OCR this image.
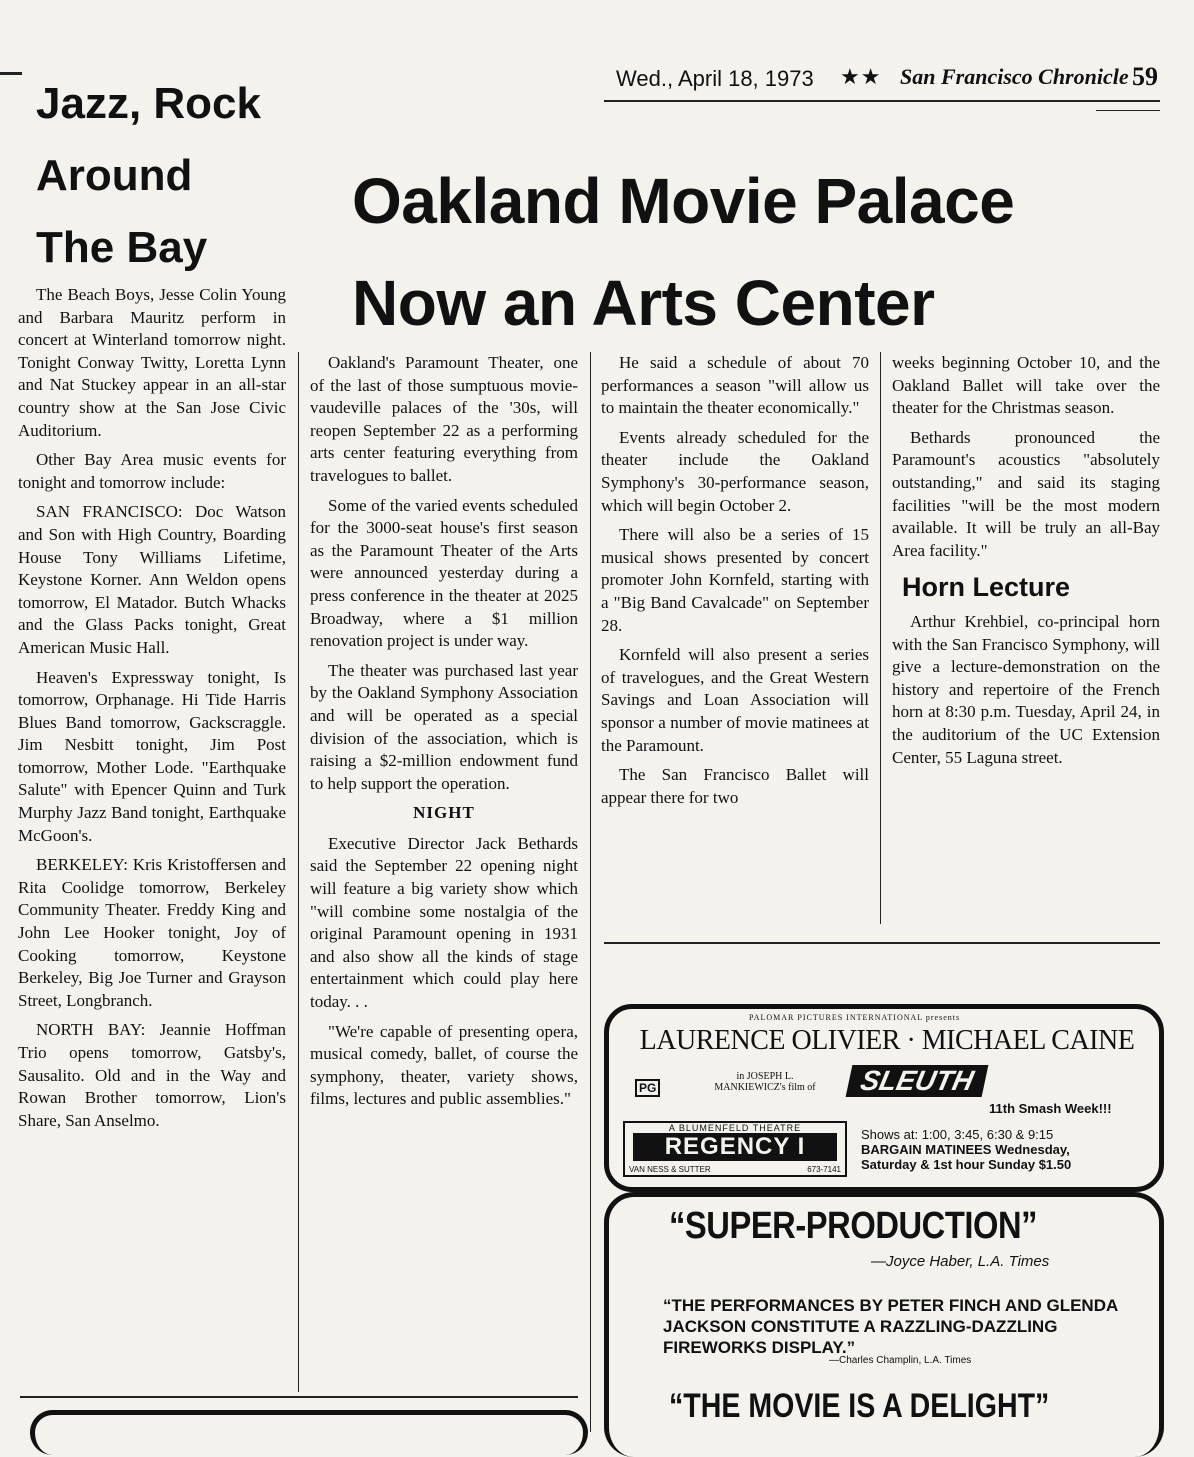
Wed., April 18, 1973 ★★ San Francisco Chronicle 59
Jazz, Rock
Around
The Bay
Oakland Movie Palace
Now an Arts Center

The Beach Boys, Jesse Colin Young and Barbara Mauritz perform in concert at Winterland tomorrow night. Tonight Conway Twitty, Loretta Lynn and Nat Stuckey appear in an all-star country show at the San Jose Civic Auditorium.

Other Bay Area music events for tonight and tomorrow include:

SAN FRANCISCO: Doc Watson and Son with High Country, Boarding House Tony Williams Lifetime, Keystone Korner. Ann Weldon opens tomorrow, El Matador. Butch Whacks and the Glass Packs tonight, Great American Music Hall.

Heaven's Expressway tonight, Is tomorrow, Orphanage. Hi Tide Harris Blues Band tomorrow, Gackscraggle. Jim Nesbitt tonight, Jim Post tomorrow, Mother Lode. "Earthquake Salute" with Epencer Quinn and Turk Murphy Jazz Band tonight, Earthquake McGoon's.

BERKELEY: Kris Kristoffersen and Rita Coolidge tomorrow, Berkeley Community Theater. Freddy King and John Lee Hooker tonight, Joy of Cooking tomorrow, Keystone Berkeley, Big Joe Turner and Grayson Street, Longbranch.

NORTH BAY: Jeannie Hoffman Trio opens tomorrow, Gatsby's, Sausalito. Old and in the Way and Rowan Brother tomorrow, Lion's Share, San Anselmo.

Oakland's Paramount Theater, one of the last of those sumptuous movie-vaudeville palaces of the '30s, will reopen September 22 as a performing arts center featuring everything from travelogues to ballet.

Some of the varied events scheduled for the 3000-seat house's first season as the Paramount Theater of the Arts were announced yesterday during a press conference in the theater at 2025 Broadway, where a $1 million renovation project is under way.

The theater was purchased last year by the Oakland Symphony Association and will be operated as a special division of the association, which is raising a $2-million endowment fund to help support the operation.

NIGHT

Executive Director Jack Bethards said the September 22 opening night will feature a big variety show which "will combine some nostalgia of the original Paramount opening in 1931 and also show all the kinds of stage entertainment which could play here today. . .

"We're capable of presenting opera, musical comedy, ballet, of course the symphony, theater, variety shows, films, lectures and public assemblies."

He said a schedule of about 70 performances a season "will allow us to maintain the theater economically."

Events already scheduled for the theater include the Oakland Symphony's 30-performance season, which will begin October 2.

There will also be a series of 15 musical shows presented by concert promoter John Kornfeld, starting with a "Big Band Cavalcade" on September 28.

Kornfeld will also present a series of travelogues, and the Great Western Savings and Loan Association will sponsor a number of movie matinees at the Paramount.

The San Francisco Ballet will appear there for two

weeks beginning October 10, and the Oakland Ballet will take over the theater for the Christmas season.

Bethards pronounced the Paramount's acoustics "absolutely outstanding," and said its staging facilities "will be the most modern available. It will be truly an all-Bay Area facility."

Horn Lecture

Arthur Krehbiel, co-principal horn with the San Francisco Symphony, will give a lecture-demonstration on the history and repertoire of the French horn at 8:30 p.m. Tuesday, April 24, in the auditorium of the UC Extension Center, 55 Laguna street.

PALOMAR PICTURES INTERNATIONAL presents
LAURENCE OLIVIER · MICHAEL CAINE
PG
in JOSEPH L. MANKIEWICZ's film of	SLEUTH
11th Smash Week!!!
A BLUMENFELD THEATRE
REGENCY I
VAN NESS & SUTTER	673-7141
Shows at: 1:00, 3:45, 6:30 & 9:15
BARGAIN MATINEES Wednesday,
Saturday & 1st hour Sunday $1.50
“SUPER-PRODUCTION”
—Joyce Haber, L.A. Times
“THE PERFORMANCES BY PETER FINCH AND GLENDA JACKSON CONSTITUTE A RAZZLING-DAZZLING FIREWORKS DISPLAY.”
—Charles Champlin, L.A. Times
“THE MOVIE IS A DELIGHT”
